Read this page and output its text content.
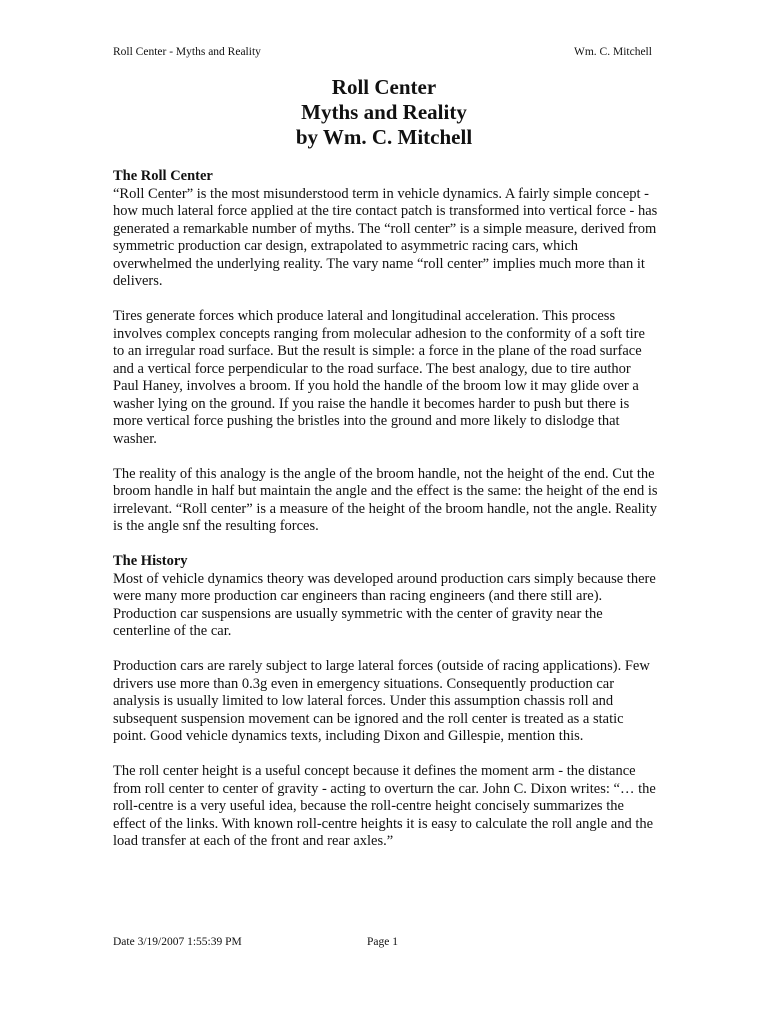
Roll Center - Myths and Reality	Wm. C. Mitchell
Roll Center
Myths and Reality
by Wm. C. Mitchell

The Roll Center

“Roll Center” is the most misunderstood term in vehicle dynamics. A fairly simple concept - how much lateral force applied at the tire contact patch is transformed into vertical force - has generated a remarkable number of myths. The “roll center” is a simple measure, derived from symmetric production car design, extrapolated to asymmetric racing cars, which overwhelmed the underlying reality. The vary name “roll center” implies much more than it delivers.

Tires generate forces which produce lateral and longitudinal acceleration. This process involves complex concepts ranging from molecular adhesion to the conformity of a soft tire to an irregular road surface. But the result is simple: a force in the plane of the road surface and a vertical force perpendicular to the road surface. The best analogy, due to tire author Paul Haney, involves a broom. If you hold the handle of the broom low it may glide over a washer lying on the ground. If you raise the handle it becomes harder to push but there is more vertical force pushing the bristles into the ground and more likely to dislodge that washer.

The reality of this analogy is the angle of the broom handle, not the height of the end. Cut the broom handle in half but maintain the angle and the effect is the same: the height of the end is irrelevant. “Roll center” is a measure of the height of the broom handle, not the angle. Reality is the angle snf the resulting forces.

The History

Most of vehicle dynamics theory was developed around production cars simply because there were many more production car engineers than racing engineers (and there still are). Production car suspensions are usually symmetric with the center of gravity near the centerline of the car.

Production cars are rarely subject to large lateral forces (outside of racing applications). Few drivers use more than 0.3g even in emergency situations. Consequently production car analysis is usually limited to low lateral forces. Under this assumption chassis roll and subsequent suspension movement can be ignored and the roll center is treated as a static point. Good vehicle dynamics texts, including Dixon and Gillespie, mention this.

The roll center height is a useful concept because it defines the moment arm - the distance from roll center to center of gravity - acting to overturn the car. John C. Dixon writes: “… the roll-centre is a very useful idea, because the roll-centre height concisely summarizes the effect of the links. With known roll-centre heights it is easy to calculate the roll angle and the load transfer at each of the front and rear axles.”

Date 3/19/2007 1:55:39 PM	Page 1
